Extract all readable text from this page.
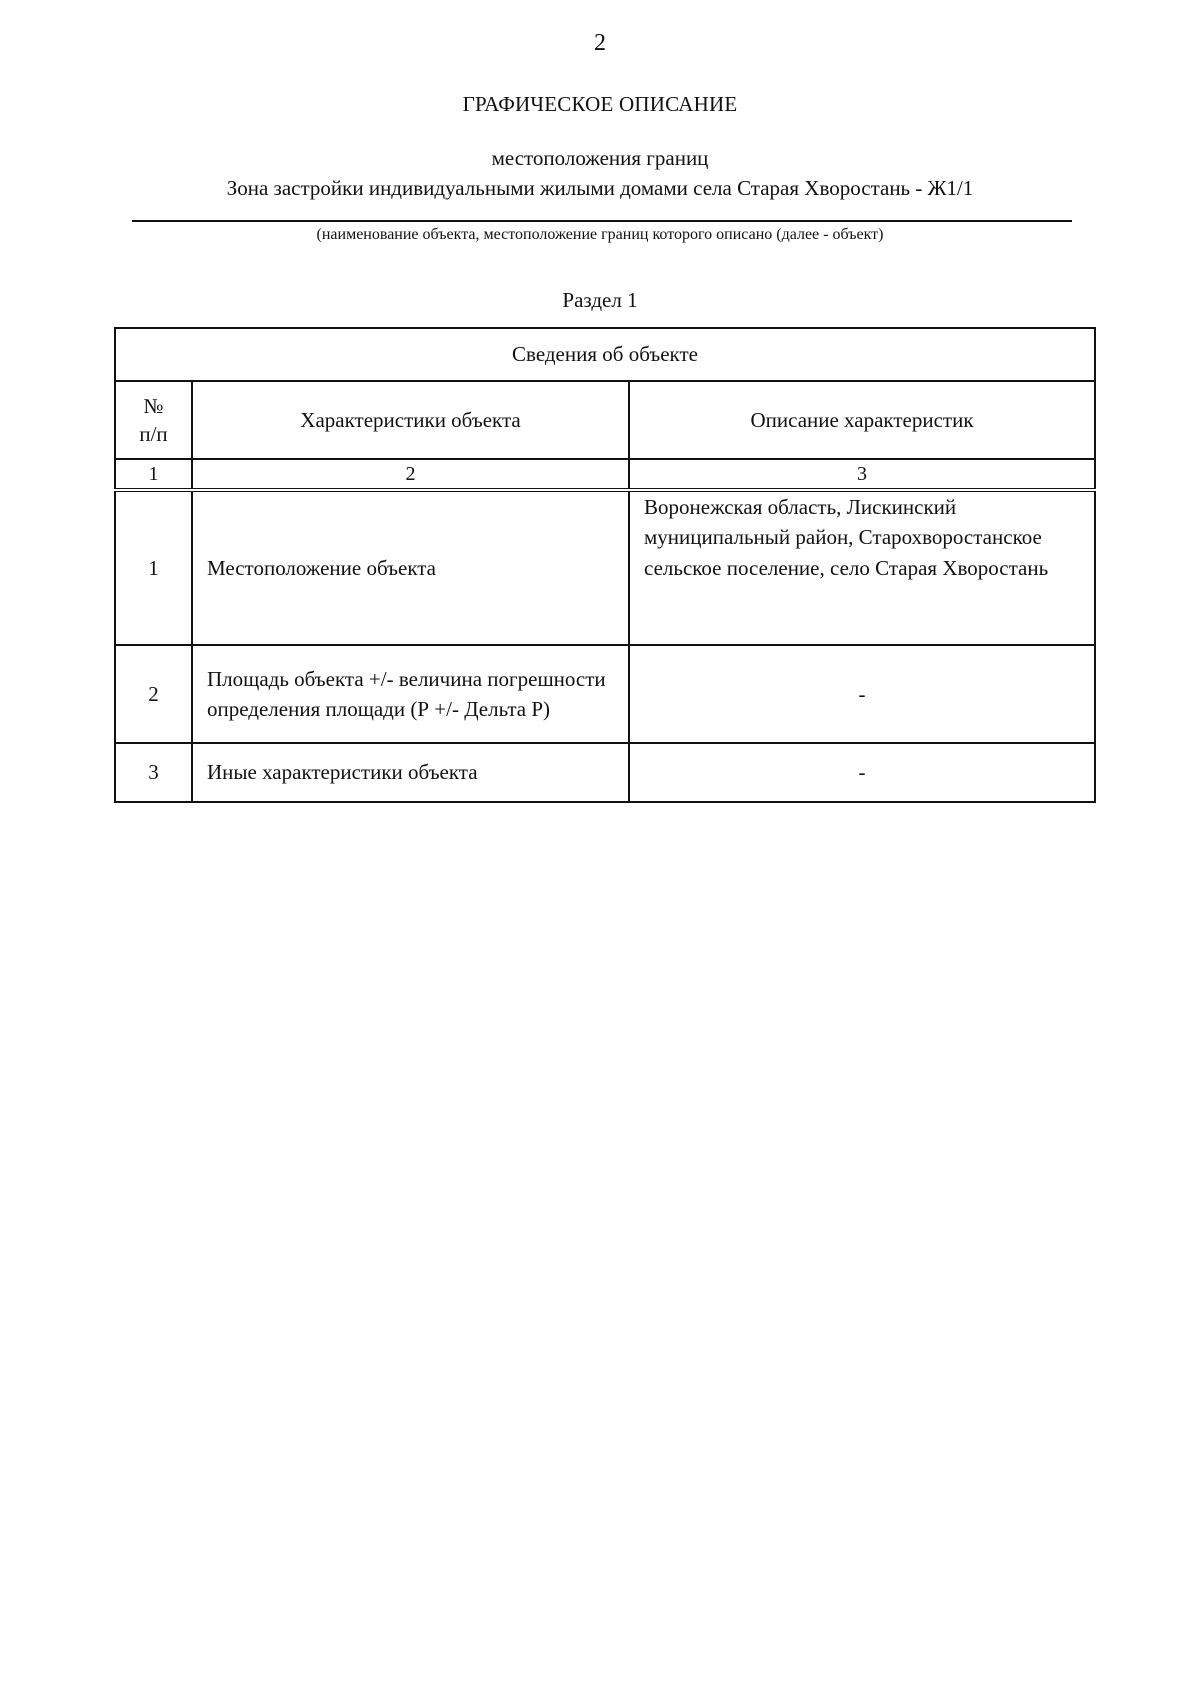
2
ГРАФИЧЕСКОЕ ОПИСАНИЕ
местоположения границ
Зона застройки индивидуальными жилыми домами села Старая Хворостань - Ж1/1
(наименование объекта, местоположение границ которого описано (далее - объект)
Раздел 1
Сведения об объекте		

№
п/п	Характеристики объекта	Описание характеристик
1	2	3
1	Местоположение объекта	Воронежская область, Лискинский муниципальный район, Старохворостанское сельское поселение, село Старая Хворостань
2	Площадь объекта +/- величина погрешности определения площади (Р +/- Дельта Р)	-
3	Иные характеристики объекта	-
